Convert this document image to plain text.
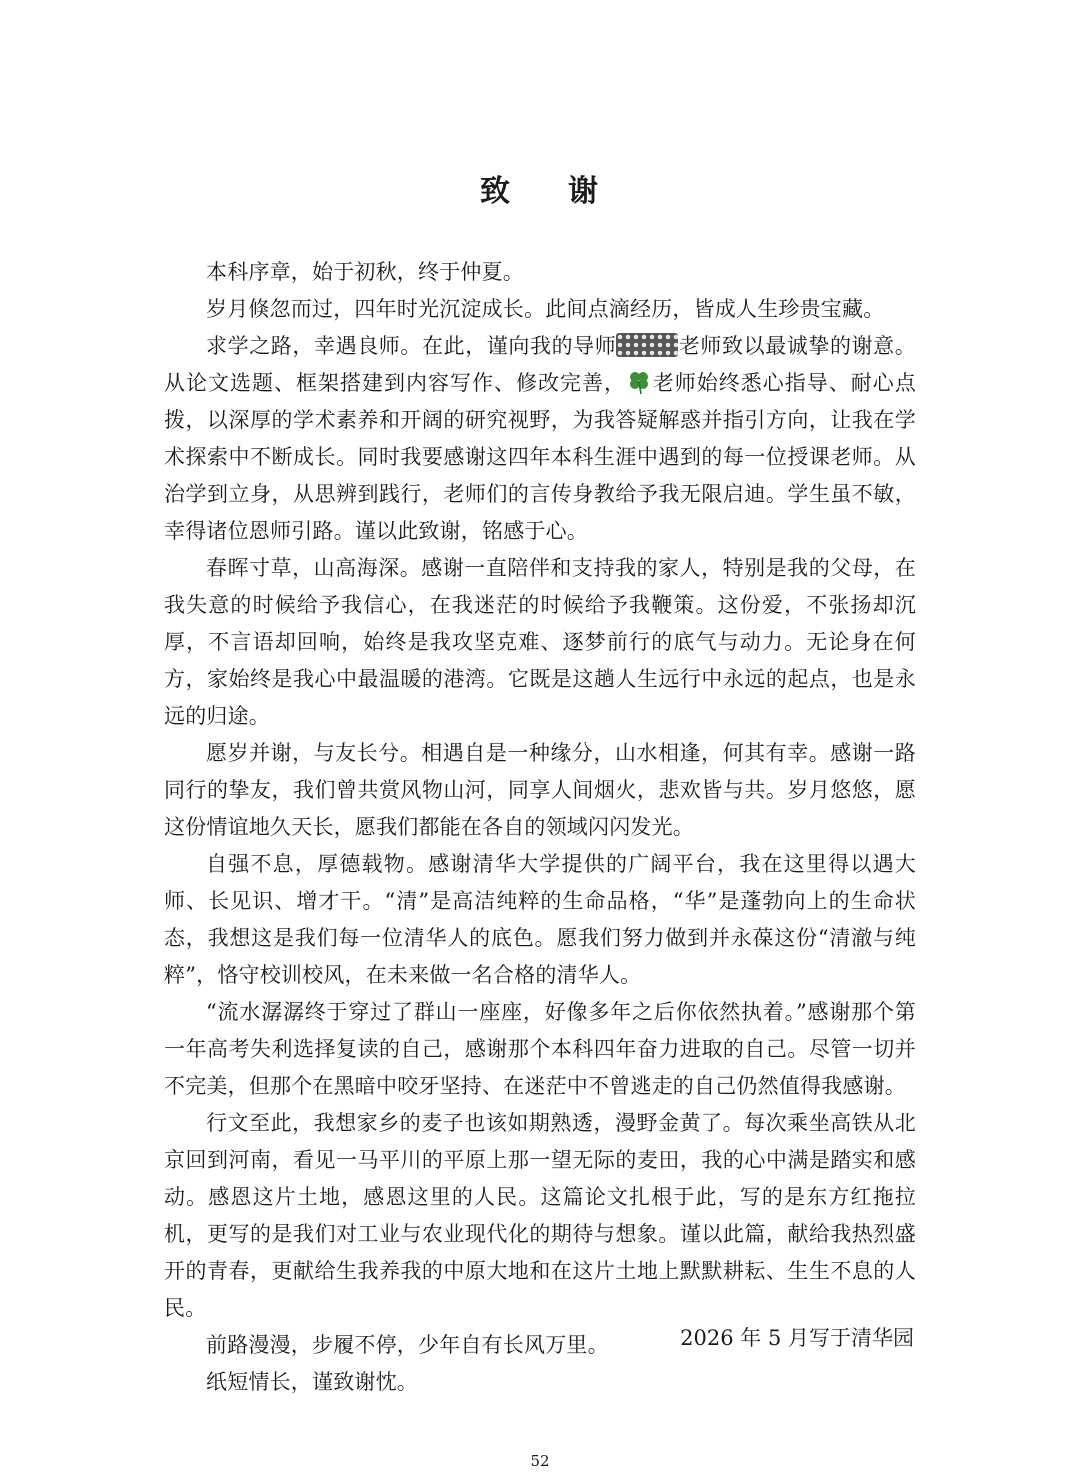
致 谢

本科序章，始于初秋，终于仲夏。

岁月倏忽而过，四年时光沉淀成长。此间点滴经历，皆成人生珍贵宝藏。

求学之路，幸遇良师。在此，谨向我的导师	老师致以最诚挚的谢意。从论文选题、框架搭建到内容写作、修改完善， 老师始终悉心指导、耐心点拨，以深厚的学术素养和开阔的研究视野，为我答疑解惑并指引方向，让我在学术探索中不断成长。同时我要感谢这四年本科生涯中遇到的每一位授课老师。从治学到立身，从思辨到践行，老师们的言传身教给予我无限启迪。学生虽不敏，幸得诸位恩师引路。谨以此致谢，铭感于心。

春晖寸草，山高海深。感谢一直陪伴和支持我的家人，特别是我的父母，在我失意的时候给予我信心，在我迷茫的时候给予我鞭策。这份爱，不张扬却沉厚，不言语却回响，始终是我攻坚克难、逐梦前行的底气与动力。无论身在何方，家始终是我心中最温暖的港湾。它既是这趟人生远行中永远的起点，也是永远的归途。

愿岁并谢，与友长兮。相遇自是一种缘分，山水相逢，何其有幸。感谢一路同行的挚友，我们曾共赏风物山河，同享人间烟火，悲欢皆与共。岁月悠悠，愿这份情谊地久天长，愿我们都能在各自的领域闪闪发光。

自强不息，厚德载物。感谢清华大学提供的广阔平台，我在这里得以遇大师、长见识、增才干。“清”是高洁纯粹的生命品格，“华”是蓬勃向上的生命状态，我想这是我们每一位清华人的底色。愿我们努力做到并永葆这份“清澈与纯粹”，恪守校训校风，在未来做一名合格的清华人。

“流水潺潺终于穿过了群山一座座，好像多年之后你依然执着。”感谢那个第一年高考失利选择复读的自己，感谢那个本科四年奋力进取的自己。尽管一切并不完美，但那个在黑暗中咬牙坚持、在迷茫中不曾逃走的自己仍然值得我感谢。

行文至此，我想家乡的麦子也该如期熟透，漫野金黄了。每次乘坐高铁从北京回到河南，看见一马平川的平原上那一望无际的麦田，我的心中满是踏实和感动。感恩这片土地，感恩这里的人民。这篇论文扎根于此，写的是东方红拖拉机，更写的是我们对工业与农业现代化的期待与想象。谨以此篇，献给我热烈盛开的青春，更献给生我养我的中原大地和在这片土地上默默耕耘、生生不息的人民。

前路漫漫，步履不停，少年自有长风万里。

纸短情长，谨致谢忱。

2026 年 5 月写于清华园
52
